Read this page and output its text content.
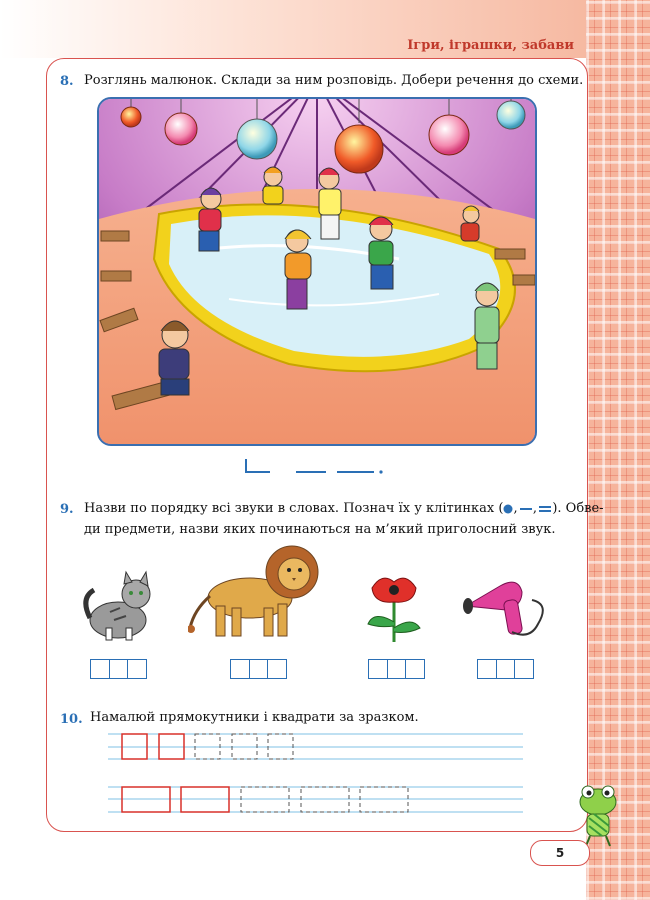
Ігри, іграшки, забави
8. Розглянь малюнок. Склади за ним розповідь. Добери речення до схеми.
9. Назви по порядку всі звуки в словах. Познач їх у клітинках ( , , ). Обве-
ди предмети, назви яких починаються на м’який приголосний звук.
10. Намалюй прямокутники і квадрати за зразком.
5
